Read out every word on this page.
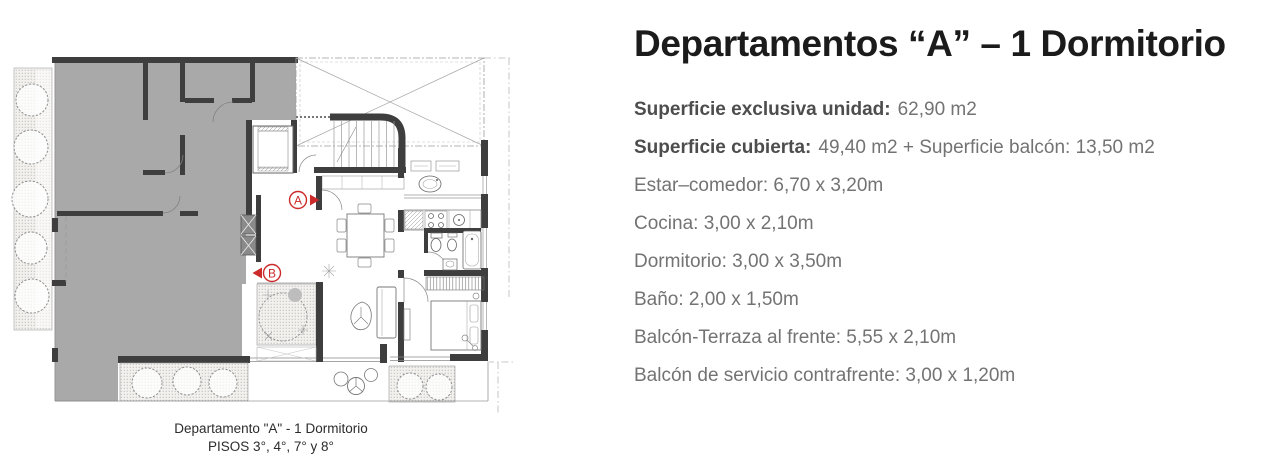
A
B
Departamento "A" - 1 Dormitorio
PISOS 3°, 4°, 7° y 8°
Departamentos “A” – 1 Dormitorio
Superficie exclusiva unidad: 62,90 m2
Superficie cubierta: 49,40 m2 + Superficie balcón: 13,50 m2
Estar–comedor: 6,70 x 3,20m
Cocina: 3,00 x 2,10m
Dormitorio: 3,00 x 3,50m
Baño: 2,00 x 1,50m
Balcón-Terraza al frente: 5,55 x 2,10m
Balcón de servicio contrafrente: 3,00 x 1,20m
